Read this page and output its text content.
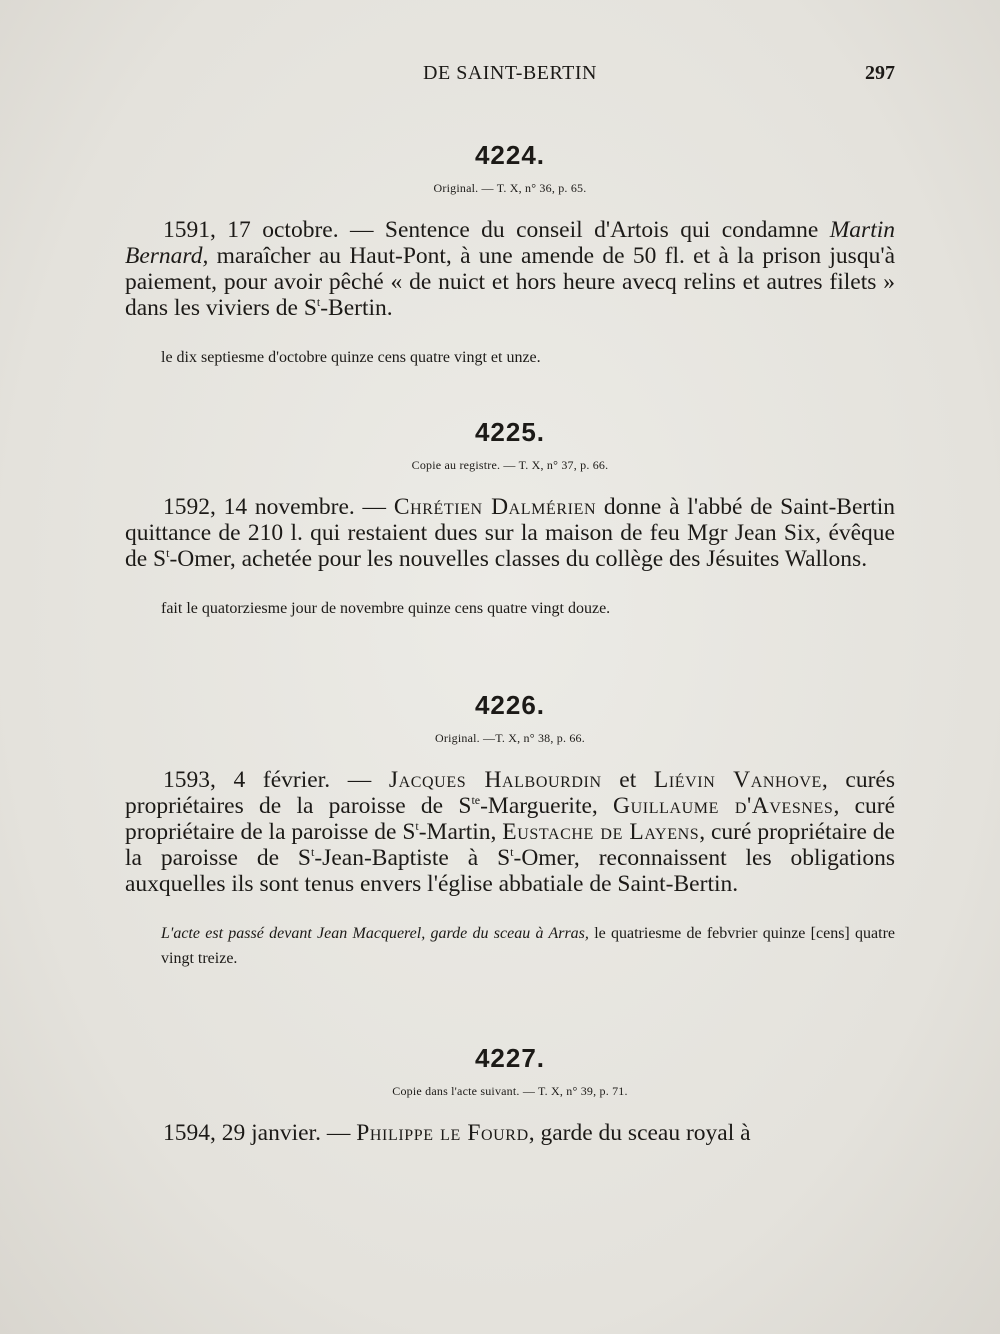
DE SAINT-BERTIN	297
4224.
Original. — T. X, n° 36, p. 65.

1591, 17 octobre. — Sentence du conseil d'Artois qui condamne Martin Bernard, maraîcher au Haut-Pont, à une amende de 50 fl. et à la prison jusqu'à paiement, pour avoir pêché « de nuict et hors heure avecq relins et autres filets » dans les viviers de $S^t$-Bertin.

le dix septiesme d'octobre quinze cens quatre vingt et unze.
4225.
Copie au registre. — T. X, n° 37, p. 66.

1592, 14 novembre. — Chrétien Dalmérien donne à l'abbé de Saint-Bertin quittance de 210 l. qui restaient dues sur la maison de feu Mgr Jean Six, évêque de $S^t$-Omer, achetée pour les nouvelles classes du collège des Jésuites Wallons.

fait le quatorziesme jour de novembre quinze cens quatre vingt douze.
4226.
Original. —T. X, n° 38, p. 66.

1593, 4 février. — Jacques Halbourdin et Liévin Vanhove, curés propriétaires de la paroisse de $S^{te}$-Marguerite, Guillaume d'Avesnes, curé propriétaire de la paroisse de $S^t$-Martin, Eustache de Layens, curé propriétaire de la paroisse de $S^t-Jean$-Baptiste à $S^t$-Omer, reconnaissent les obligations auxquelles ils sont tenus envers l'église abbatiale de Saint-Bertin.

L'acte est passé devant Jean Macquerel, garde du sceau à Arras, le quatriesme de febvrier quinze [cens] quatre vingt treize.
4227.
Copie dans l'acte suivant. — T. X, n° 39, p. 71.

1594, 29 janvier. — Philippe le Fourd, garde du sceau royal à
